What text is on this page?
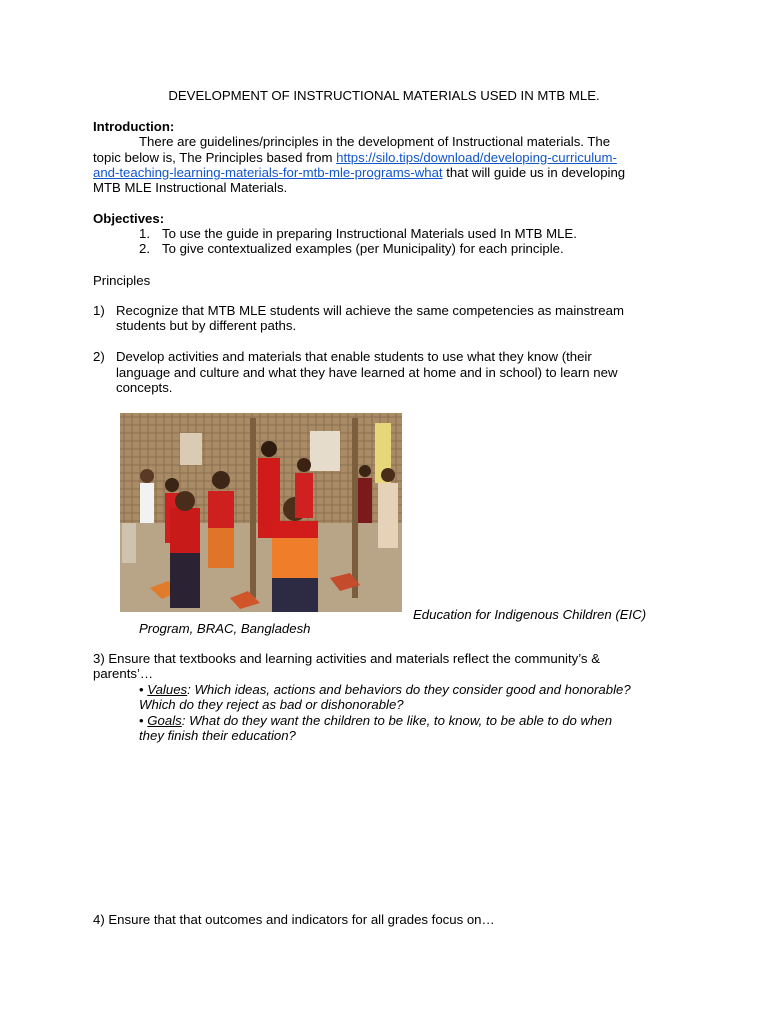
DEVELOPMENT OF INSTRUCTIONAL MATERIALS USED IN MTB MLE.
Introduction:
There are guidelines/principles in the development of Instructional materials. The
topic below is, The Principles based from https://silo.tips/download/developing-curriculum-
and-teaching-learning-materials-for-mtb-mle-programs-what that will guide us in developing
MTB MLE Instructional Materials.
Objectives:
1. To use the guide in preparing Instructional Materials used In MTB MLE.
2. To give contextualized examples (per Municipality) for each principle.
Principles
1) Recognize that MTB MLE students will achieve the same competencies as mainstream
students but by different paths.
2) Develop activities and materials that enable students to use what they know (their
language and culture and what they have learned at home and in school) to learn new
concepts.
Education for Indigenous Children (EIC)
Program, BRAC, Bangladesh
3) Ensure that textbooks and learning activities and materials reflect the community’s &
parents’…
• Values: Which ideas, actions and behaviors do they consider good and honorable?
Which do they reject as bad or dishonorable?
• Goals: What do they want the children to be like, to know, to be able to do when
they finish their education?
4) Ensure that that outcomes and indicators for all grades focus on…
